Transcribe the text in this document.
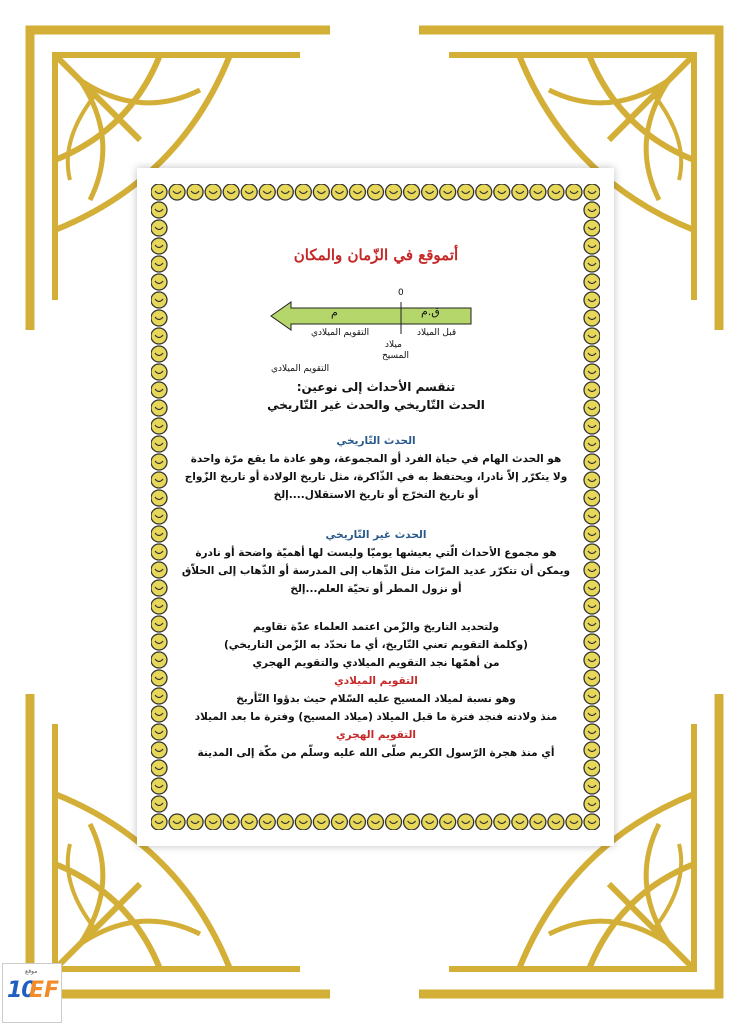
أتموقع في الزّمان والمكان
0
م	ق.م
التقويم الميلادي	قبل الميلاد
ميلاد
المسيح
التقويم الميلادي
تنقسم الأحداث إلى نوعين:
الحدث التّاريخي والحدث غير التّاريخي
الحدث التّاريخي
هو الحدث الهام في حياة الفرد أو المجموعة، وهو عادة ما يقع مرّة واحدة
ولا يتكرّر إلاّ نادرا، ويحتفظ به في الذّاكرة، مثل تاريخ الولادة أو تاريخ الزّواج
أو تاريخ التخرّج أو تاريخ الاستقلال....إلخ
الحدث غير التّاريخي
هو مجموع الأحداث الّتي يعيشها يوميّا وليست لها أهميّة واضحة أو نادرة
ويمكن أن تتكرّر عديد المرّات مثل الذّهاب إلى المدرسة أو الذّهاب إلى الحلاّق
أو نزول المطر أو تحيّة العلم...إلخ
ولتحديد التاريخ والزّمن اعتمد العلماء عدّة تقاويم
(وكلمة التقويم تعني التّاريخ، أي ما نحدّد به الزّمن التاريخي)
من أهمّها نجد التقويم الميلادي والتقويم الهجري
التقويم الميلادي
وهو نسبة لميلاد المسيح عليه السّلام حيث بدؤوا التّأريخ
منذ ولادته فنجد فترة ما قبل الميلاد (ميلاد المسيح) وفترة ما بعد الميلاد
التقويم الهجري
أي منذ هجرة الرّسول الكريم صلّى الله عليه وسلّم من مكّة إلى المدينة
موقع
10
EF
